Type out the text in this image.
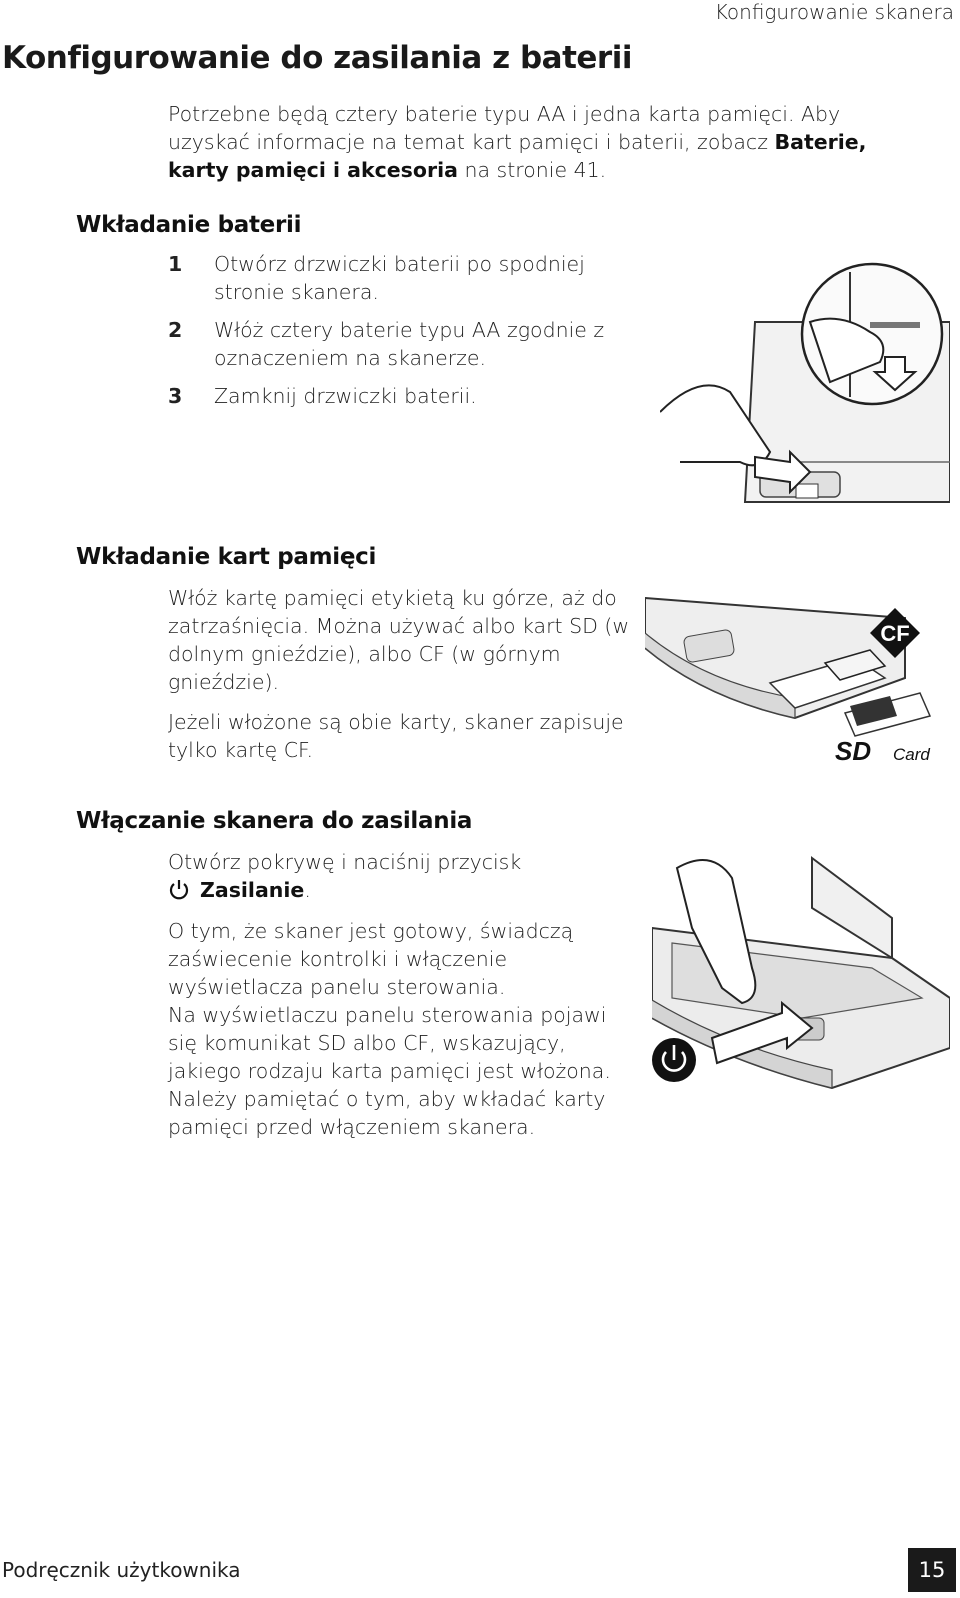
Konfigurowanie skanera
Konfigurowanie do zasilania z baterii
Potrzebne będą cztery baterie typu AA i jedna karta pamięci. Aby uzyskać informacje na temat kart pamięci i baterii, zobacz Baterie, karty pamięci i akcesoria na stronie 41.
Wkładanie baterii
1	Otwórz drzwiczki baterii po spodniej stronie skanera.
2	Włóż cztery baterie typu AA zgodnie z oznaczeniem na skanerze.
3	Zamknij drzwiczki baterii.
Wkładanie kart pamięci
Włóż kartę pamięci etykietą ku górze, aż do zatrzaśnięcia. Można używać albo kart SD (w dolnym gnieździe), albo CF (w górnym gnieździe).
Jeżeli włożone są obie karty, skaner zapisuje tylko kartę CF.
CF
SD Card
Włączanie skanera do zasilania
Otwórz pokrywę i naciśnij przycisk
Zasilanie.
O tym, że skaner jest gotowy, świadczą zaświecenie kontrolki i włączenie wyświetlacza panelu sterowania.
Na wyświetlaczu panelu sterowania pojawi się komunikat SD albo CF, wskazujący, jakiego rodzaju karta pamięci jest włożona. Należy pamiętać o tym, aby wkładać karty pamięci przed włączeniem skanera.
Podręcznik użytkownika	15
